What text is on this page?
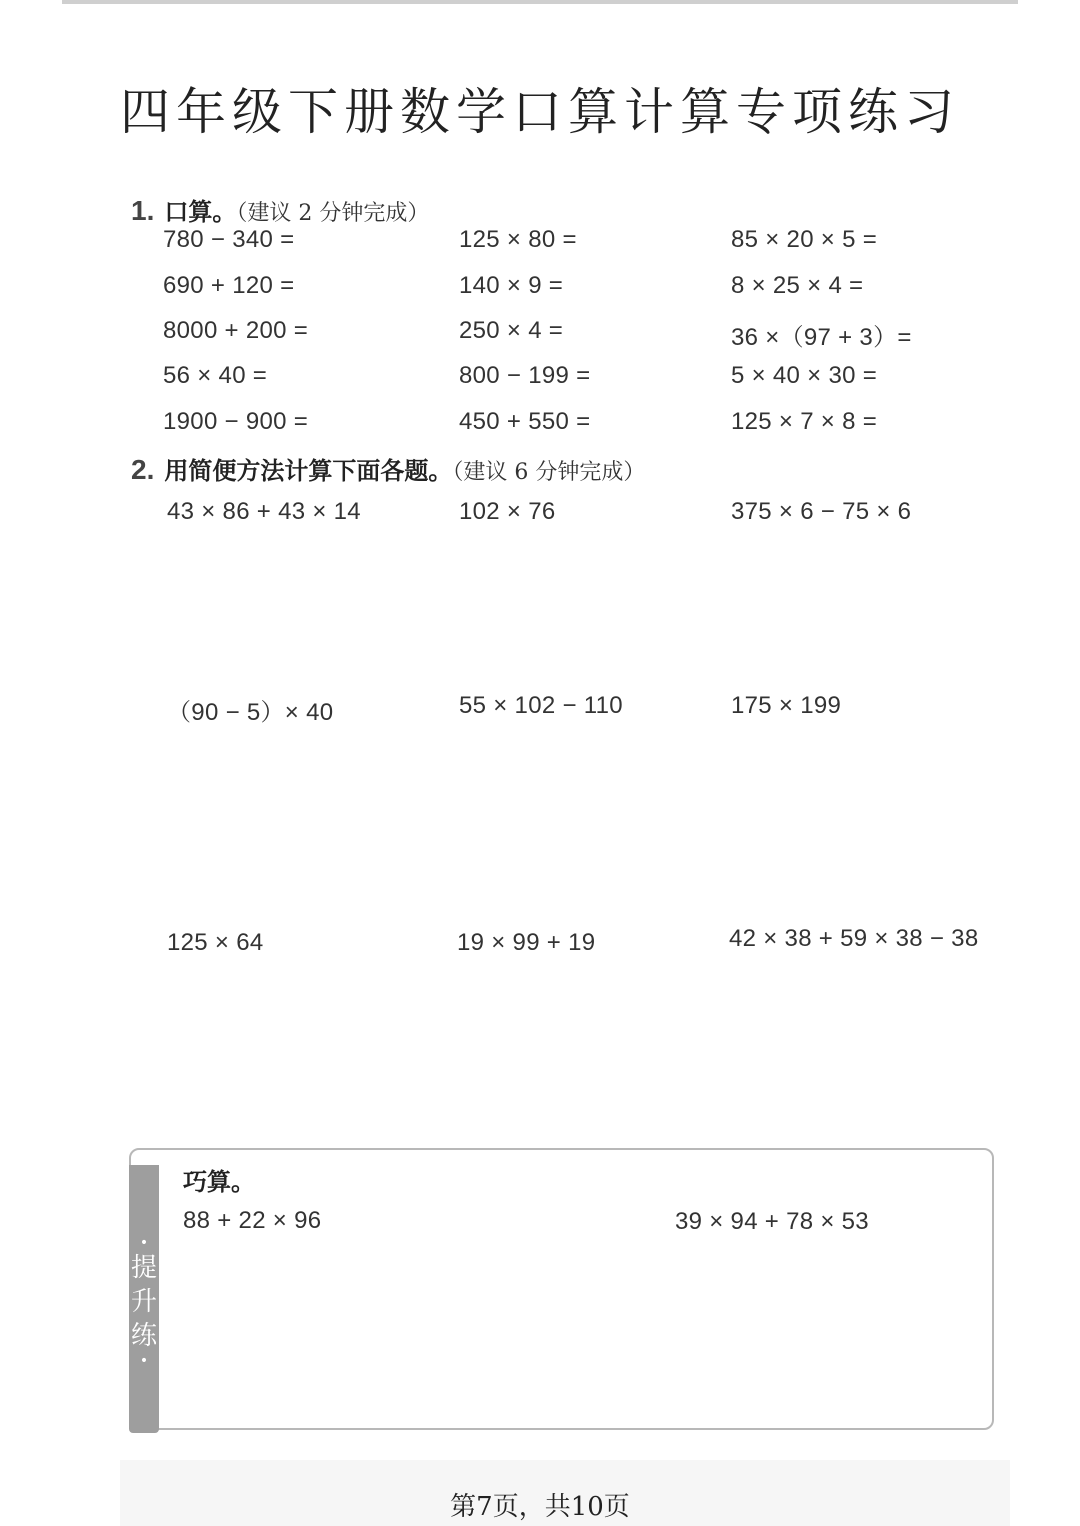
四年级下册数学口算计算专项练习
1. 口算。（建议 2 分钟完成）
780 − 340 =	125 × 80 =	85 × 20 × 5 =
690 + 120 =	140 × 9 =	8 × 25 × 4 =
8000 + 200 =	250 × 4 =	36 ×（97 + 3）=
56 × 40 =	800 − 199 =	5 × 40 × 30 =
1900 − 900 =	450 + 550 =	125 × 7 × 8 =
2. 用简便方法计算下面各题。（建议 6 分钟完成）
43 × 86 + 43 × 14	102 × 76	375 × 6 − 75 × 6
（90 − 5）× 40	55 × 102 − 110	175 × 199
125 × 64	19 × 99 + 19	42 × 38 + 59 × 38 − 38
•
提
升
练
•
巧算。
88 + 22 × 96	39 × 94 + 78 × 53
第7页，共10页
